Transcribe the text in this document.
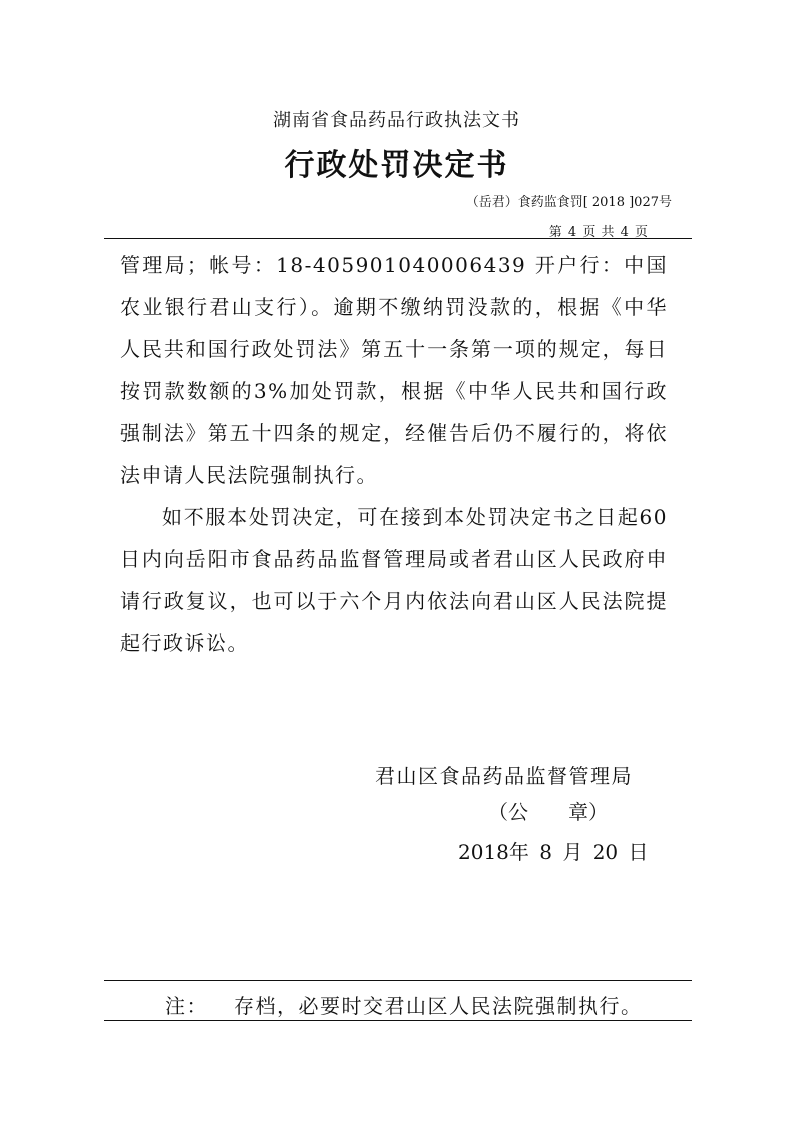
湖南省食品药品行政执法文书
行政处罚决定书
（岳君）食药监食罚[ 2018 ]027号
第 4 页 共 4 页

管理局；帐号：18-405901040006439 开户行：中国农业银行君山支行）。逾期不缴纳罚没款的，根据《中华人民共和国行政处罚法》第五十一条第一项的规定，每日按罚款数额的3%加处罚款，根据《中华人民共和国行政强制法》第五十四条的规定，经催告后仍不履行的，将依法申请人民法院强制执行。

如不服本处罚决定，可在接到本处罚决定书之日起60日内向岳阳市食品药品监督管理局或者君山区人民政府申请行政复议，也可以于六个月内依法向君山区人民法院提起行政诉讼。

君山区食品药品监督管理局
（公　　章）
2018年 8 月 20 日
注： 存档，必要时交君山区人民法院强制执行。
